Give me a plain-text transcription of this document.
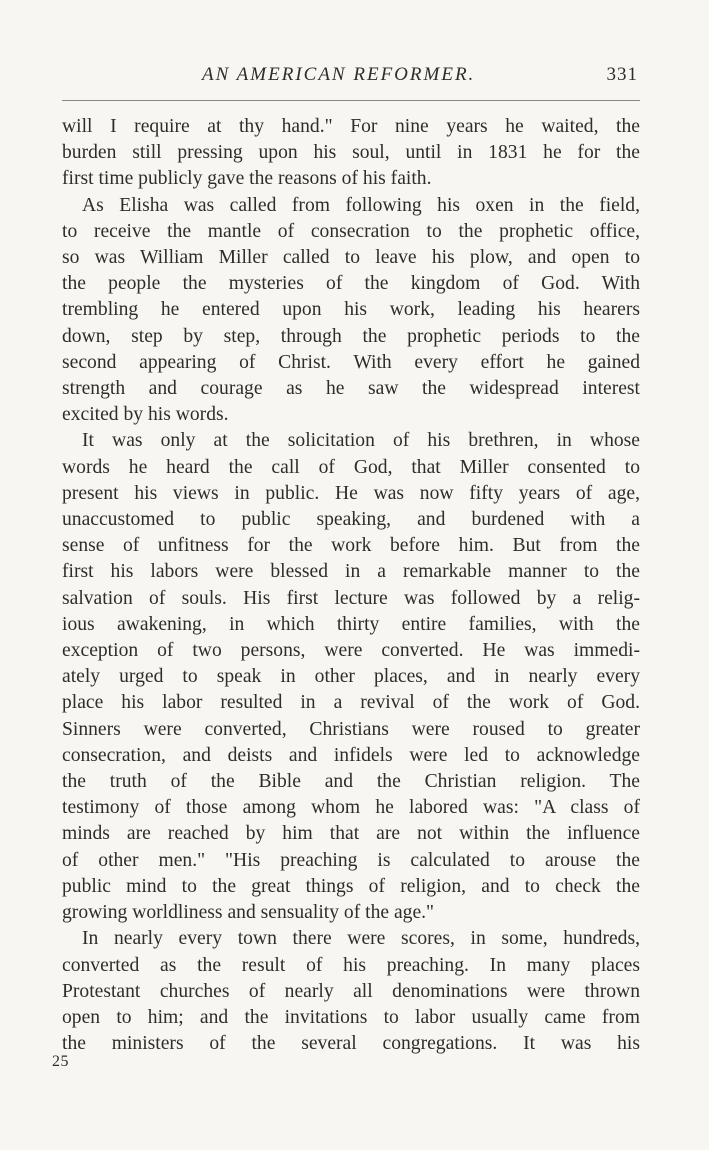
AN AMERICAN REFORMER.	331
will I require at thy hand." For nine years he waited, the
burden still pressing upon his soul, until in 1831 he for the
first time publicly gave the reasons of his faith.
As Elisha was called from following his oxen in the field,
to receive the mantle of consecration to the prophetic office,
so was William Miller called to leave his plow, and open to
the people the mysteries of the kingdom of God. With
trembling he entered upon his work, leading his hearers
down, step by step, through the prophetic periods to the
second appearing of Christ. With every effort he gained
strength and courage as he saw the widespread interest
excited by his words.
It was only at the solicitation of his brethren, in whose
words he heard the call of God, that Miller consented to
present his views in public. He was now fifty years of age,
unaccustomed to public speaking, and burdened with a
sense of unfitness for the work before him. But from the
first his labors were blessed in a remarkable manner to the
salvation of souls. His first lecture was followed by a relig-
ious awakening, in which thirty entire families, with the
exception of two persons, were converted. He was immedi-
ately urged to speak in other places, and in nearly every
place his labor resulted in a revival of the work of God.
Sinners were converted, Christians were roused to greater
consecration, and deists and infidels were led to acknowledge
the truth of the Bible and the Christian religion. The
testimony of those among whom he labored was: "A class of
minds are reached by him that are not within the influence
of other men." "His preaching is calculated to arouse the
public mind to the great things of religion, and to check the
growing worldliness and sensuality of the age."
In nearly every town there were scores, in some, hundreds,
converted as the result of his preaching. In many places
Protestant churches of nearly all denominations were thrown
open to him; and the invitations to labor usually came from
the ministers of the several congregations. It was his
25
